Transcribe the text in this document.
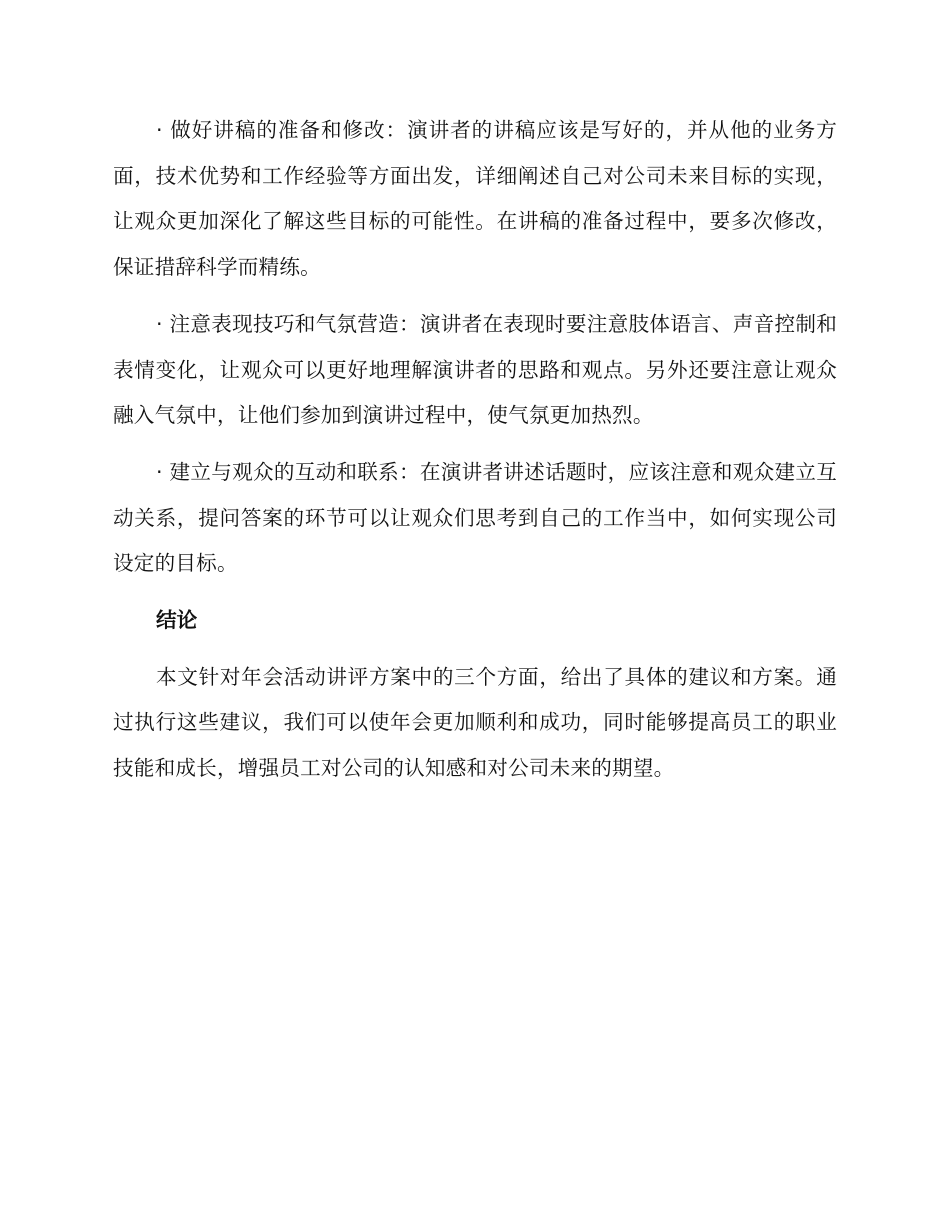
· 做好讲稿的准备和修改：演讲者的讲稿应该是写好的，并从他的业务方面，技术优势和工作经验等方面出发，详细阐述自己对公司未来目标的实现，让观众更加深化了解这些目标的可能性。在讲稿的准备过程中，要多次修改，保证措辞科学而精练。

· 注意表现技巧和气氛营造：演讲者在表现时要注意肢体语言、声音控制和表情变化，让观众可以更好地理解演讲者的思路和观点。另外还要注意让观众融入气氛中，让他们参加到演讲过程中，使气氛更加热烈。

· 建立与观众的互动和联系：在演讲者讲述话题时，应该注意和观众建立互动关系，提问答案的环节可以让观众们思考到自己的工作当中，如何实现公司设定的目标。

结论

本文针对年会活动讲评方案中的三个方面，给出了具体的建议和方案。通过执行这些建议，我们可以使年会更加顺利和成功，同时能够提高员工的职业技能和成长，增强员工对公司的认知感和对公司未来的期望。
